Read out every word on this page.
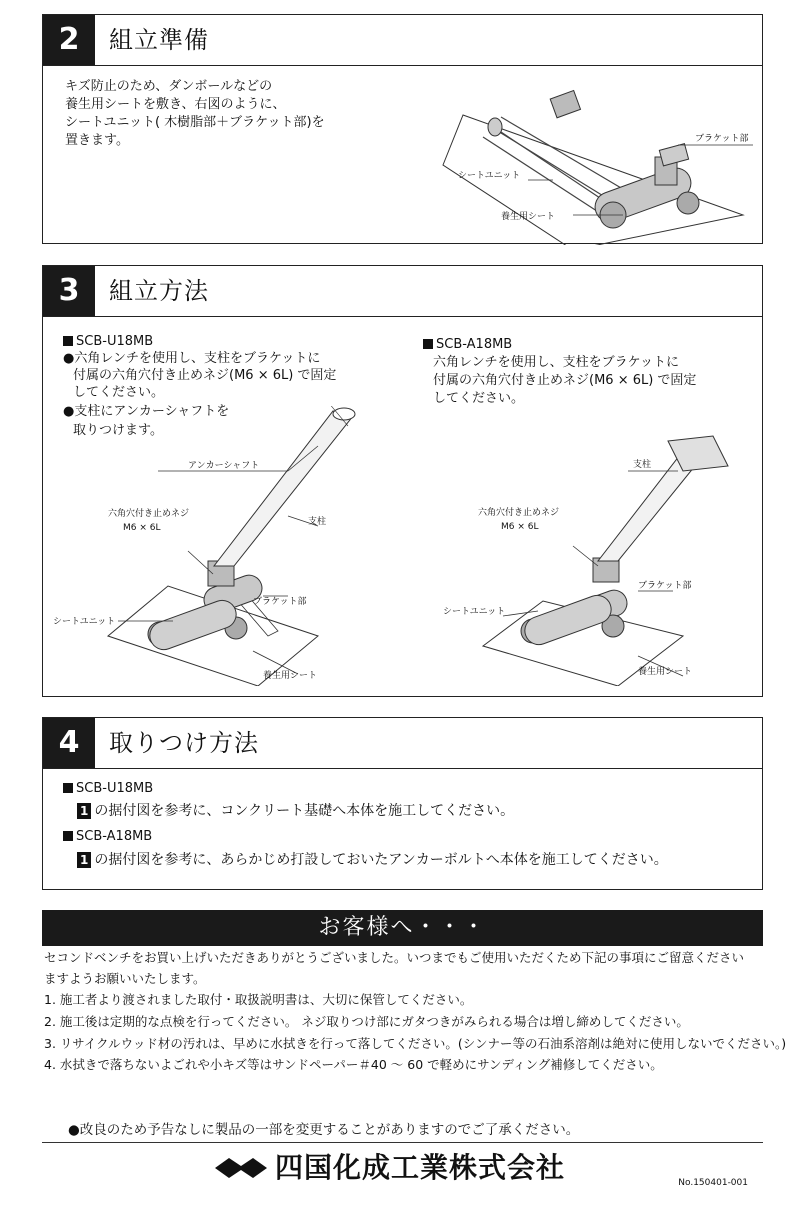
2	組立準備
キズ防止のため、ダンボールなどの
養生用シートを敷き、右図のように、
シートユニット( 木樹脂部＋ブラケット部)を
置きます。	ブラケット部
シートユニット
養生用シート
3	組立方法
SCB-U18MB
●六角レンチを使用し、支柱をブラケットに
付属の六角穴付き止めネジ(M6 × 6L) で固定
してください。
●支柱にアンカーシャフトを
取りつけます。
アンカーシャフト
支柱
六角穴付き止めネジ
M6 × 6L
ブラケット部
シートユニット
養生用シート
SCB-A18MB
六角レンチを使用し、支柱をブラケットに
付属の六角穴付き止めネジ(M6 × 6L) で固定
してください。
支柱
六角穴付き止めネジ
M6 × 6L
ブラケット部
シートユニット
養生用シート
4	取りつけ方法
SCB-U18MB
1 の据付図を参考に、コンクリート基礎へ本体を施工してください。
SCB-A18MB
1 の据付図を参考に、あらかじめ打設しておいたアンカーボルトへ本体を施工してください。
お客様へ・・・
セコンドベンチをお買い上げいただきありがとうございました。いつまでもご使用いただくため下記の事項にご留意ください
ますようお願いいたします。
1. 施工者より渡されました取付・取扱説明書は、大切に保管してください。
2. 施工後は定期的な点検を行ってください。 ネジ取りつけ部にガタつきがみられる場合は増し締めしてください。
3. リサイクルウッド材の汚れは、早めに水拭きを行って落してください。(シンナー等の石油系溶剤は絶対に使用しないでください。)
4. 水拭きで落ちないよごれや小キズ等はサンドペーパー＃40 ～ 60 で軽めにサンディング補修してください。
●改良のため予告なしに製品の一部を変更することがありますのでご了承ください。
四国化成工業株式会社	No.150401-001
